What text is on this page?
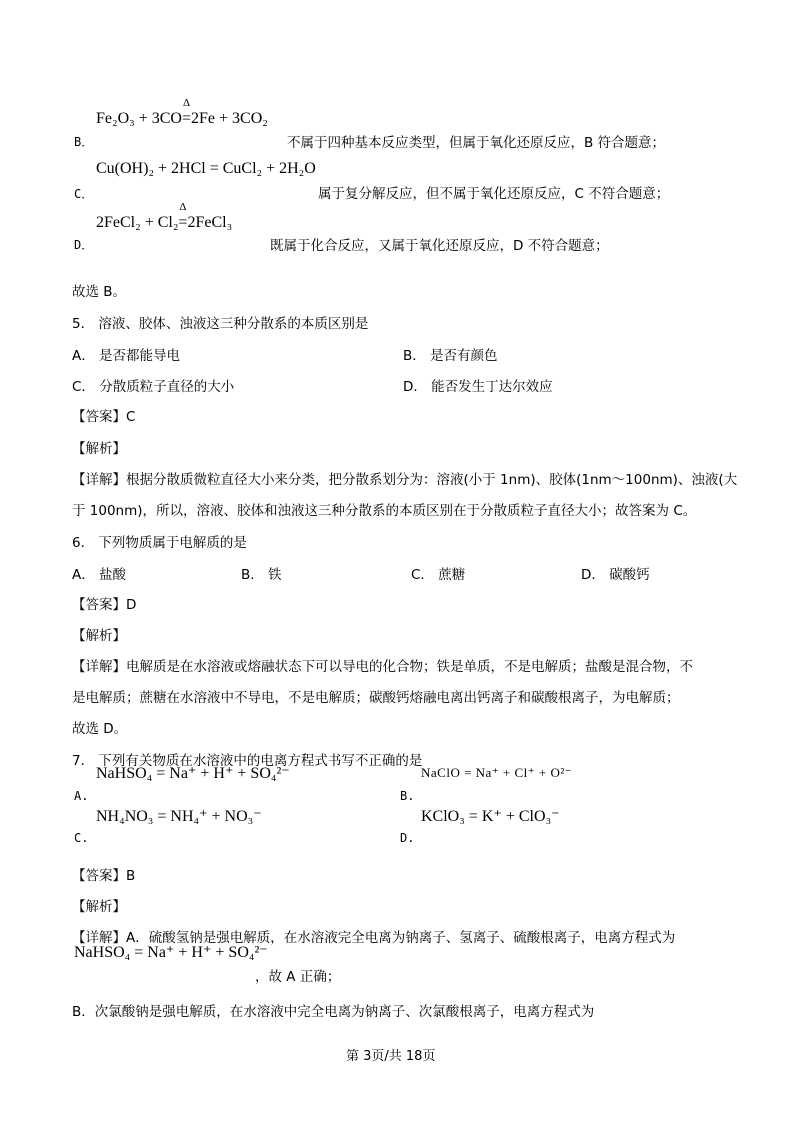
Fe₂O₃ + 3CO
Δ
=2Fe + 3CO₂
B．	不属于四种基本反应类型，但属于氧化还原反应，B 符合题意；
Cu(OH)₂ + 2HCl = CuCl₂ + 2H₂O
C．	属于复分解反应，但不属于氧化还原反应，C 不符合题意；
2FeCl₂ + Cl₂
Δ
=2FeCl₃
D．	既属于化合反应，又属于氧化还原反应，D 不符合题意；
故选 B。
5． 溶液、胶体、浊液这三种分散系的本质区别是
A． 是否都能导电	B． 是否有颜色
C． 分散质粒子直径的大小	D． 能否发生丁达尔效应
【答案】C
【解析】
【详解】根据分散质微粒直径大小来分类，把分散系划分为：溶液(小于 1nm)、胶体(1nm～100nm)、浊液(大
于 100nm)，所以，溶液、胶体和浊液这三种分散系的本质区别在于分散质粒子直径大小；故答案为 C。
6． 下列物质属于电解质的是
A． 盐酸	B． 铁	C． 蔗糖	D． 碳酸钙
【答案】D
【解析】
【详解】电解质是在水溶液或熔融状态下可以导电的化合物；铁是单质，不是电解质；盐酸是混合物，不
是电解质；蔗糖在水溶液中不导电，不是电解质；碳酸钙熔融电离出钙离子和碳酸根离子，为电解质；
故选 D。
7． 下列有关物质在水溶液中的电离方程式书写不正确的是
NaHSO₄ = Na⁺ + H⁺ + SO₄²⁻
A.
NaClO = Na⁺ + Cl⁺ + O²⁻
B.
NH₄NO₃ = NH₄⁺ + NO₃⁻
C.
KClO₃ = K⁺ + ClO₃⁻
D.
【答案】B
【解析】
【详解】A．硫酸氢钠是强电解质，在水溶液完全电离为钠离子、氢离子、硫酸根离子，电离方程式为
NaHSO₄ = Na⁺ + H⁺ + SO₄²⁻
，故 A 正确；
B．次氯酸钠是强电解质，在水溶液中完全电离为钠离子、次氯酸根离子，电离方程式为
第 3页/共 18页
